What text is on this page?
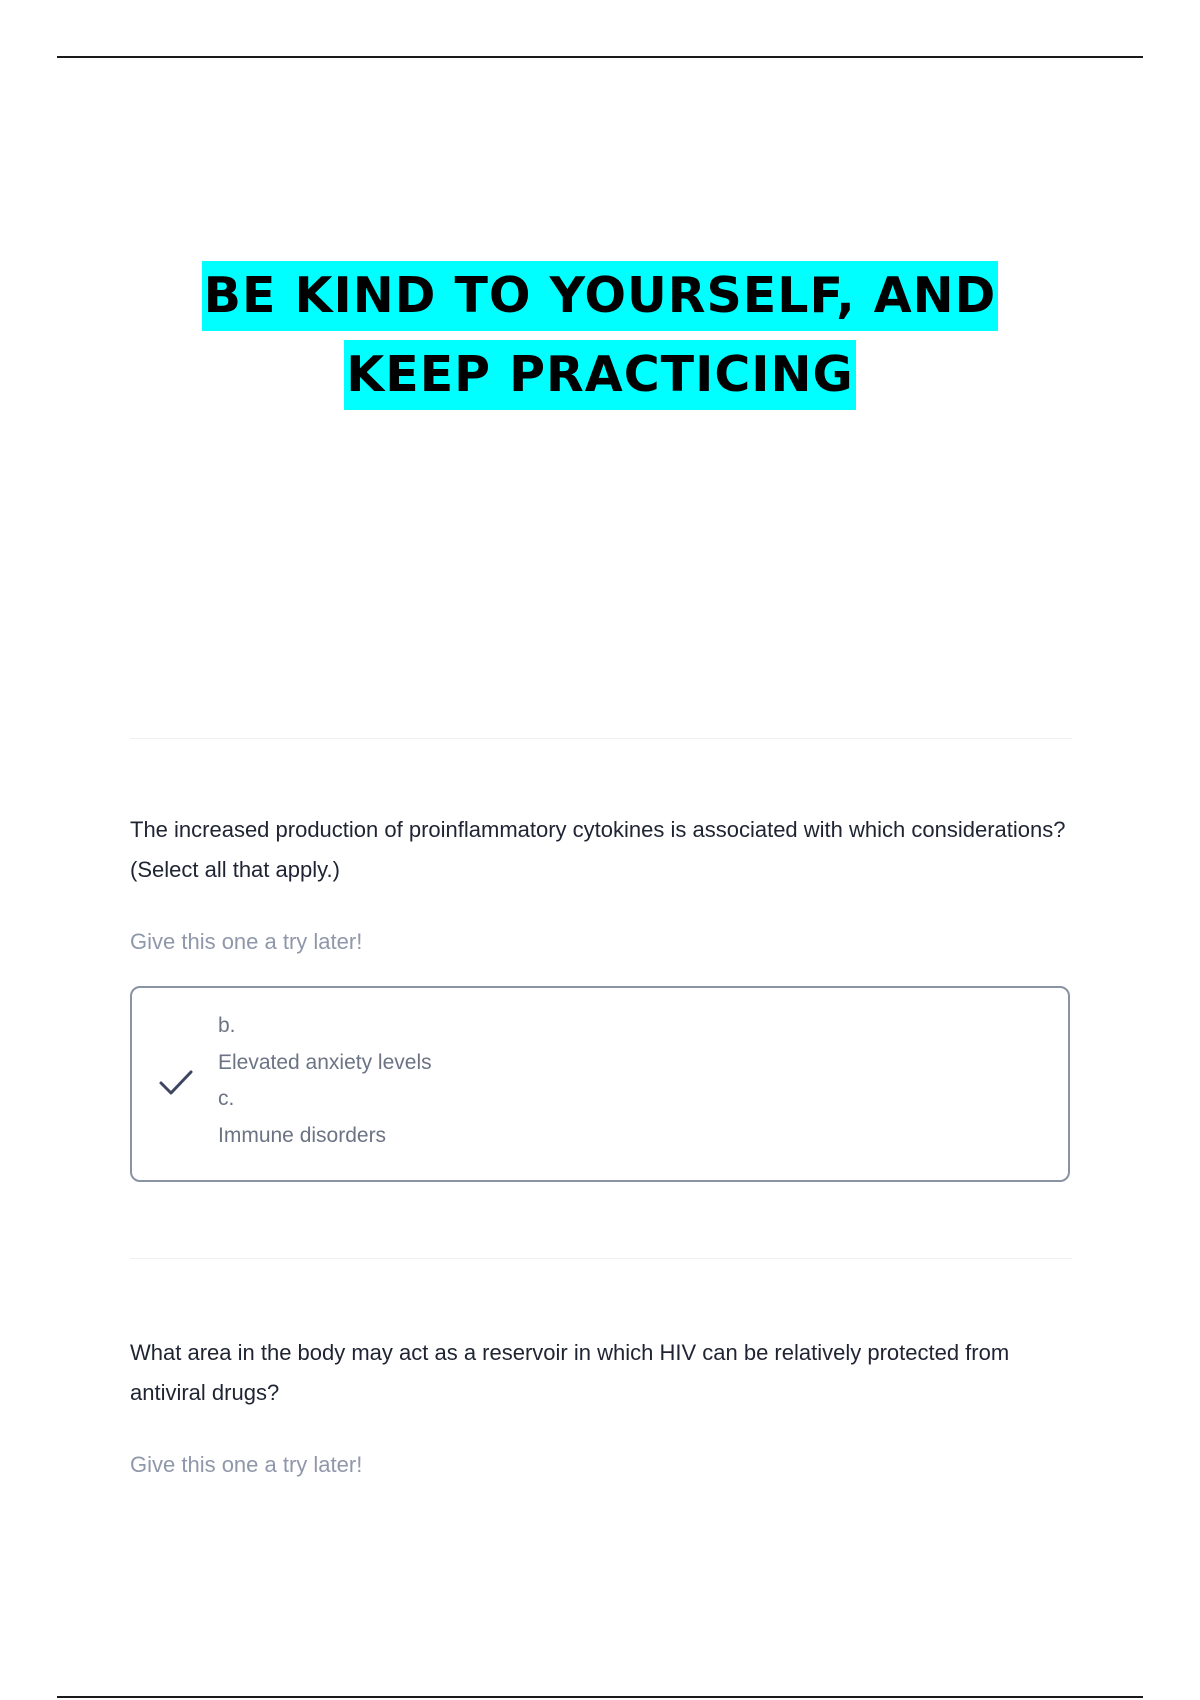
BE KIND TO YOURSELF, AND
KEEP PRACTICING
The increased production of proinflammatory cytokines is associated with which considerations? (Select all that apply.)
Give this one a try later!
b.
Elevated anxiety levels
c.
Immune disorders
What area in the body may act as a reservoir in which HIV can be relatively protected from antiviral drugs?
Give this one a try later!
